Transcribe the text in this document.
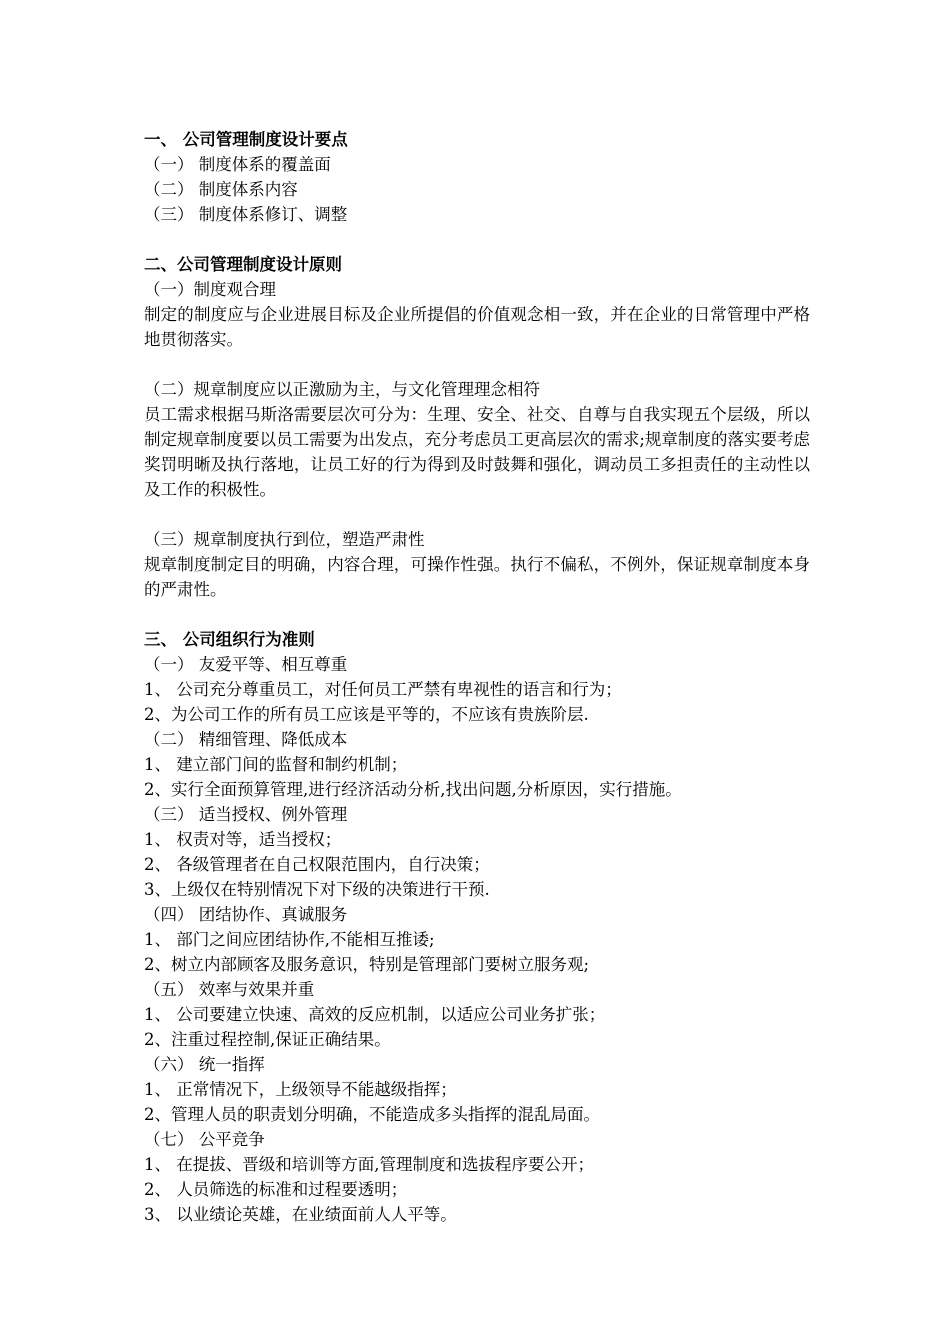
一、 公司管理制度设计要点
（一） 制度体系的覆盖面
（二） 制度体系内容
（三） 制度体系修订、调整
二、公司管理制度设计原则
（一）制度观合理
制定的制度应与企业进展目标及企业所提倡的价值观念相一致，并在企业的日常管理中严格地贯彻落实。
（二）规章制度应以正激励为主，与文化管理理念相符
员工需求根据马斯洛需要层次可分为：生理、安全、社交、自尊与自我实现五个层级，所以制定规章制度要以员工需要为出发点，充分考虑员工更高层次的需求;规章制度的落实要考虑奖罚明晰及执行落地，让员工好的行为得到及时鼓舞和强化，调动员工多担责任的主动性以及工作的积极性。
（三）规章制度执行到位，塑造严肃性
规章制度制定目的明确，内容合理，可操作性强。执行不偏私，不例外，保证规章制度本身的严肃性。
三、 公司组织行为准则
（一） 友爱平等、相互尊重
1、 公司充分尊重员工，对任何员工严禁有卑视性的语言和行为；
2、为公司工作的所有员工应该是平等的，不应该有贵族阶层.
（二） 精细管理、降低成本
1、 建立部门间的监督和制约机制；
2、实行全面预算管理,进行经济活动分析,找出问题,分析原因，实行措施。
（三） 适当授权、例外管理
1、 权责对等，适当授权；
2、 各级管理者在自己权限范围内，自行决策；
3、上级仅在特别情况下对下级的决策进行干预.
（四） 团结协作、真诚服务
1、 部门之间应团结协作,不能相互推诿;
2、树立内部顾客及服务意识，特别是管理部门要树立服务观;
（五） 效率与效果并重
1、 公司要建立快速、高效的反应机制，以适应公司业务扩张；
2、注重过程控制,保证正确结果。
（六） 统一指挥
1、 正常情况下，上级领导不能越级指挥；
2、管理人员的职责划分明确，不能造成多头指挥的混乱局面。
（七） 公平竞争
1、 在提拔、晋级和培训等方面,管理制度和选拔程序要公开；
2、 人员筛选的标准和过程要透明；
3、 以业绩论英雄，在业绩面前人人平等。
